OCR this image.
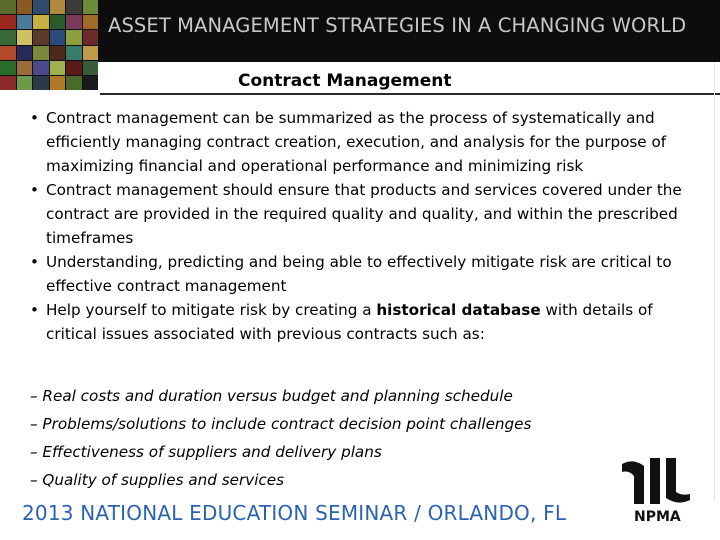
ASSET MANAGEMENT STRATEGIES IN A CHANGING WORLD
Contract Management

• Contract management can be summarized as the process of systematically and efficiently managing contract creation, execution, and analysis for the purpose of maximizing financial and operational performance and minimizing risk

• Contract management should ensure that products and services covered under the contract are provided in the required quality and quality, and within the prescribed timeframes

• Understanding, predicting and being able to effectively mitigate risk are critical to effective contract management

• Help yourself to mitigate risk by creating a historical database with details of critical issues associated with previous contracts such as:

– Real costs and duration versus budget and planning schedule

– Problems/solutions to include contract decision point challenges

– Effectiveness of suppliers and delivery plans

– Quality of supplies and services

2013 NATIONAL EDUCATION SEMINAR / ORLANDO, FL	NPMA
